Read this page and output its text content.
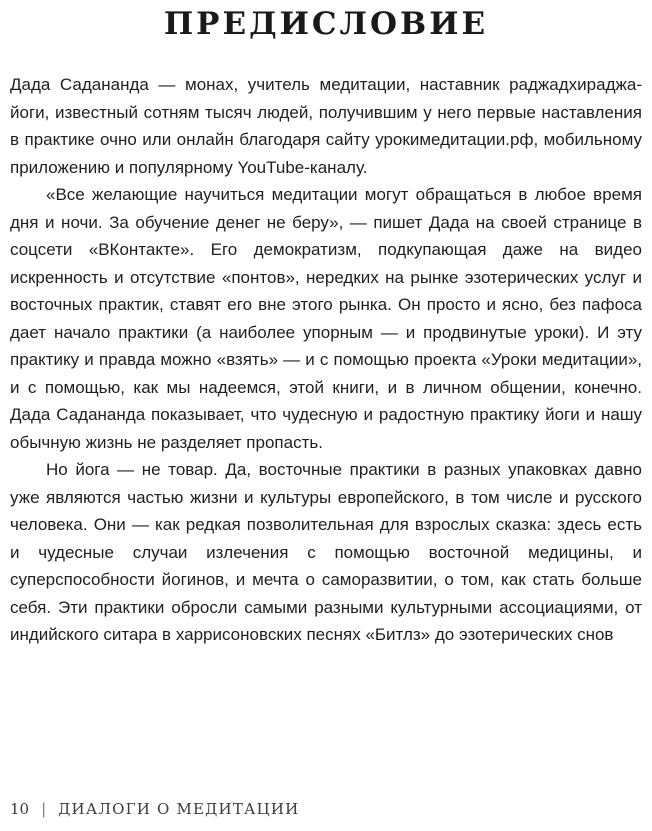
ПРЕДИСЛОВИЕ

Дада Садананда — монах, учитель медитации, наставник раджадхираджа-йоги, известный сотням тысяч людей, получившим у него первые наставления в практике очно или онлайн благодаря сайту урокимедитации.рф, мобильному приложению и популярному YouTube-каналу.

«Все желающие научиться медитации могут обращаться в любое время дня и ночи. За обучение денег не беру», — пишет Дада на своей странице в соцсети «ВКонтакте». Его демократизм, подкупающая даже на видео искренность и отсутствие «понтов», нередких на рынке эзотерических услуг и восточных практик, ставят его вне этого рынка. Он просто и ясно, без пафоса дает начало практики (а наиболее упорным — и продвинутые уроки). И эту практику и правда можно «взять» — и с помощью проекта «Уроки медитации», и с помощью, как мы надеемся, этой книги, и в личном общении, конечно. Дада Садананда показывает, что чудесную и радостную практику йоги и нашу обычную жизнь не разделяет пропасть.

Но йога — не товар. Да, восточные практики в разных упаковках давно уже являются частью жизни и культуры европейского, в том числе и русского человека. Они — как редкая позволительная для взрослых сказка: здесь есть и чудесные случаи излечения с помощью восточной медицины, и суперспособности йогинов, и мечта о саморазвитии, о том, как стать больше себя. Эти практики обросли самыми разными культурными ассоциациями, от индийского ситара в харрисоновских песнях «Битлз» до эзотерических снов

10 | ДИАЛОГИ О МЕДИТАЦИИ
